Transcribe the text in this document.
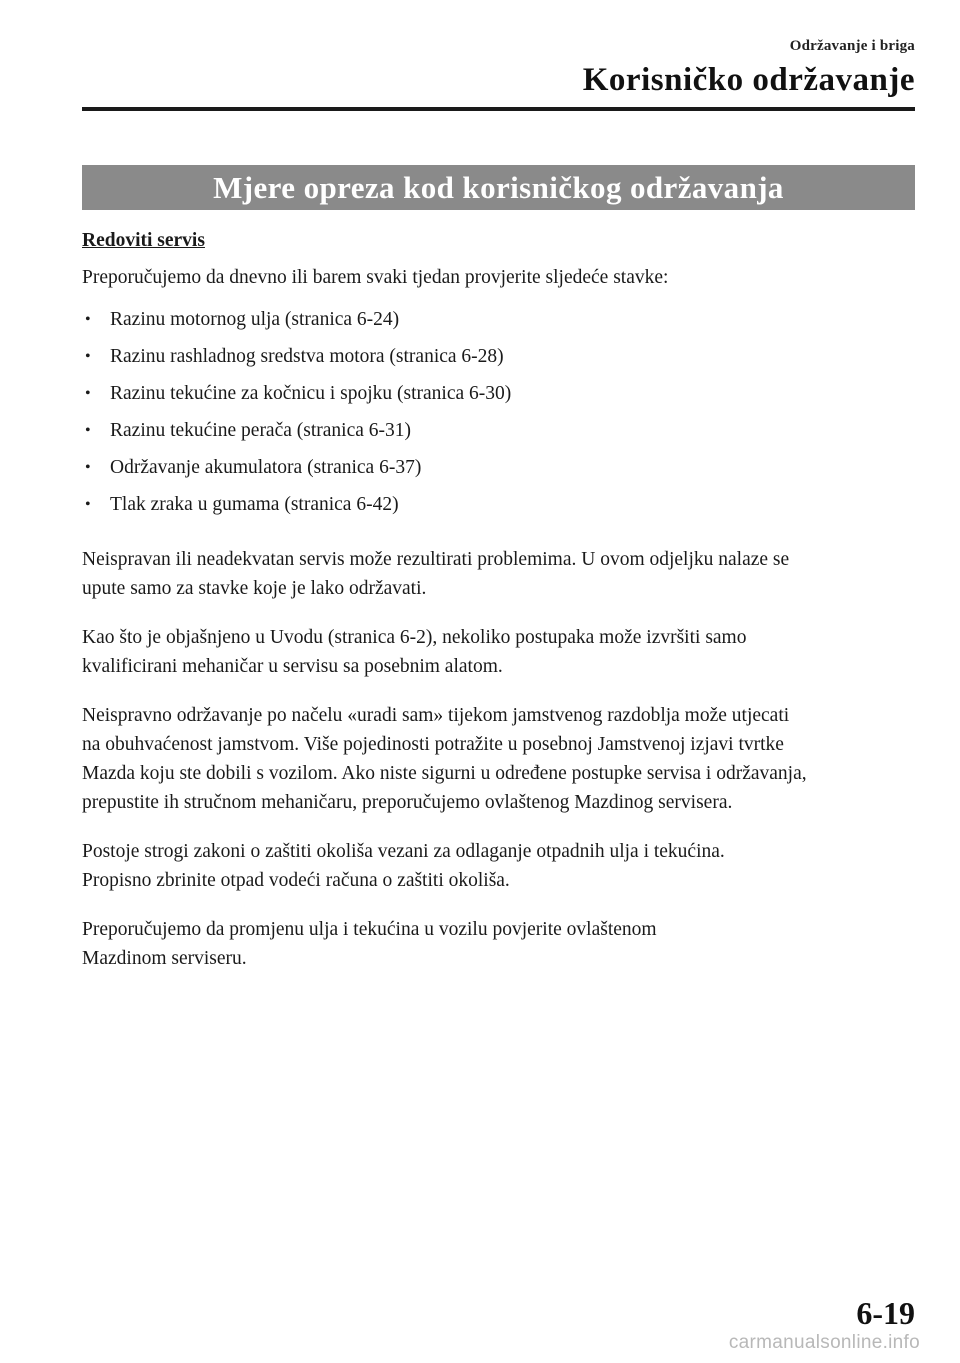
Održavanje i briga
Korisničko održavanje
Mjere opreza kod korisničkog održavanja
Redoviti servis
Preporučujemo da dnevno ili barem svaki tjedan provjerite sljedeće stavke:
• Razinu motornog ulja (stranica 6-24)
• Razinu rashladnog sredstva motora (stranica 6-28)
• Razinu tekućine za kočnicu i spojku (stranica 6-30)
• Razinu tekućine perača (stranica 6-31)
• Održavanje akumulatora (stranica 6-37)
• Tlak zraka u gumama (stranica 6-42)

Neispravan ili neadekvatan servis može rezultirati problemima. U ovom odjeljku nalaze se
upute samo za stavke koje je lako održavati.

Kao što je objašnjeno u Uvodu (stranica 6-2), nekoliko postupaka može izvršiti samo
kvalificirani mehaničar u servisu sa posebnim alatom.

Neispravno održavanje po načelu «uradi sam» tijekom jamstvenog razdoblja može utjecati
na obuhvaćenost jamstvom. Više pojedinosti potražite u posebnoj Jamstvenoj izjavi tvrtke
Mazda koju ste dobili s vozilom. Ako niste sigurni u određene postupke servisa i održavanja,
prepustite ih stručnom mehaničaru, preporučujemo ovlaštenog Mazdinog servisera.

Postoje strogi zakoni o zaštiti okoliša vezani za odlaganje otpadnih ulja i tekućina.
Propisno zbrinite otpad vodeći računa o zaštiti okoliša.

Preporučujemo da promjenu ulja i tekućina u vozilu povjerite ovlaštenom
Mazdinom serviseru.

6-19
carmanualsonline.info
